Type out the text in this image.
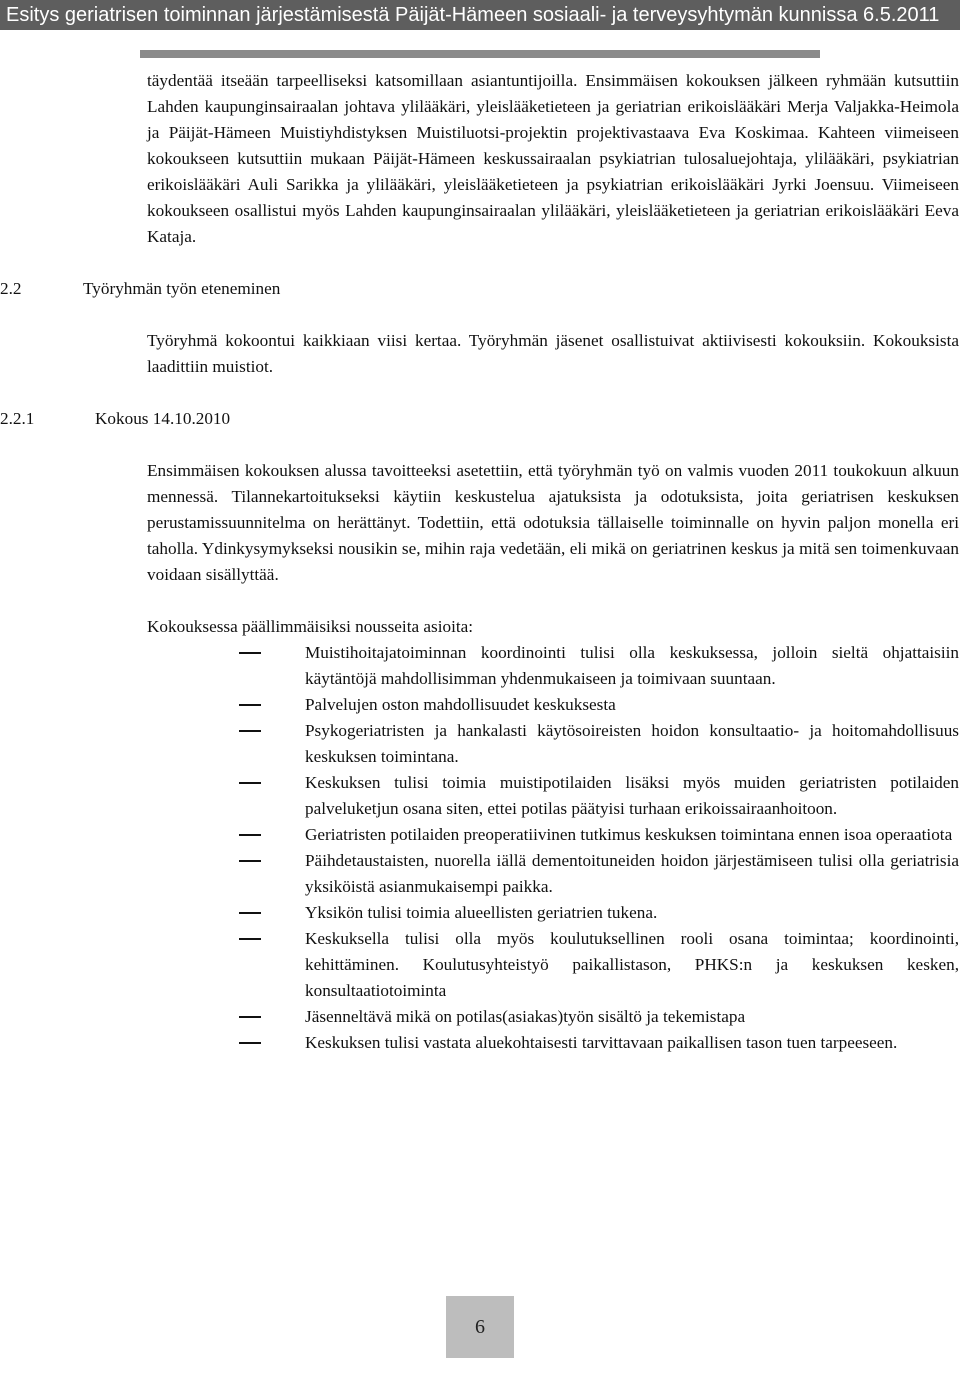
Esitys geriatrisen toiminnan järjestämisestä Päijät-Hämeen sosiaali- ja terveysyhtymän kunnissa 6.5.2011

täydentää itseään tarpeelliseksi katsomillaan asiantuntijoilla. Ensimmäisen kokouksen jälkeen ryhmään kutsuttiin Lahden kaupunginsairaalan johtava ylilääkäri, yleislääketieteen ja geriatrian erikoislääkäri Merja Valjakka-Heimola ja Päijät-Hämeen Muistiyhdistyksen Muistiluotsi-projektin projektivastaava Eva Koskimaa. Kahteen viimeiseen kokoukseen kutsuttiin mukaan Päijät-Hämeen keskussairaalan psykiatrian tulosaluejohtaja, ylilääkäri, psykiatrian erikoislääkäri Auli Sarikka ja ylilääkäri, yleislääketieteen ja psykiatrian erikoislääkäri Jyrki Joensuu. Viimeiseen kokoukseen osallistui myös Lahden kaupunginsairaalan ylilääkäri, yleislääketieteen ja geriatrian erikoislääkäri Eeva Kataja.

2.2	Työryhmän työn eteneminen

Työryhmä kokoontui kaikkiaan viisi kertaa. Työryhmän jäsenet osallistuivat aktiivisesti kokouksiin. Kokouksista laadittiin muistiot.

2.2.1	Kokous 14.10.2010

Ensimmäisen kokouksen alussa tavoitteeksi asetettiin, että työryhmän työ on valmis vuoden 2011 toukokuun alkuun mennessä. Tilannekartoitukseksi käytiin keskustelua ajatuksista ja odotuksista, joita geriatrisen keskuksen perustamissuunnitelma on herättänyt. Todettiin, että odotuksia tällaiselle toiminnalle on hyvin paljon monella eri taholla. Ydinkysymykseksi nousikin se, mihin raja vedetään, eli mikä on geriatrinen keskus ja mitä sen toimenkuvaan voidaan sisällyttää.

Kokouksessa päällimmäisiksi nousseita asioita:

Muistihoitajatoiminnan koordinointi tulisi olla keskuksessa, jolloin sieltä ohjattaisiin käytäntöjä mahdollisimman yhdenmukaiseen ja toimivaan suuntaan.
Palvelujen oston mahdollisuudet keskuksesta
Psykogeriatristen ja hankalasti käytösoireisten hoidon konsultaatio- ja hoitomahdollisuus keskuksen toimintana.
Keskuksen tulisi toimia muistipotilaiden lisäksi myös muiden geriatristen potilaiden palveluketjun osana siten, ettei potilas päätyisi turhaan erikoissairaanhoitoon.
Geriatristen potilaiden preoperatiivinen tutkimus keskuksen toimintana ennen isoa operaatiota
Päihdetaustaisten, nuorella iällä dementoituneiden hoidon järjestämiseen tulisi olla geriatrisia yksiköistä asianmukaisempi paikka.
Yksikön tulisi toimia alueellisten geriatrien tukena.
Keskuksella tulisi olla myös koulutuksellinen rooli osana toimintaa; koordinointi, kehittäminen. Koulutusyhteistyö paikallistason, PHKS:n ja keskuksen kesken, konsultaatiotoiminta
Jäsenneltävä mikä on potilas(asiakas)työn sisältö ja tekemistapa
Keskuksen tulisi vastata aluekohtaisesti tarvittavaan paikallisen tason tuen tarpeeseen.
6
